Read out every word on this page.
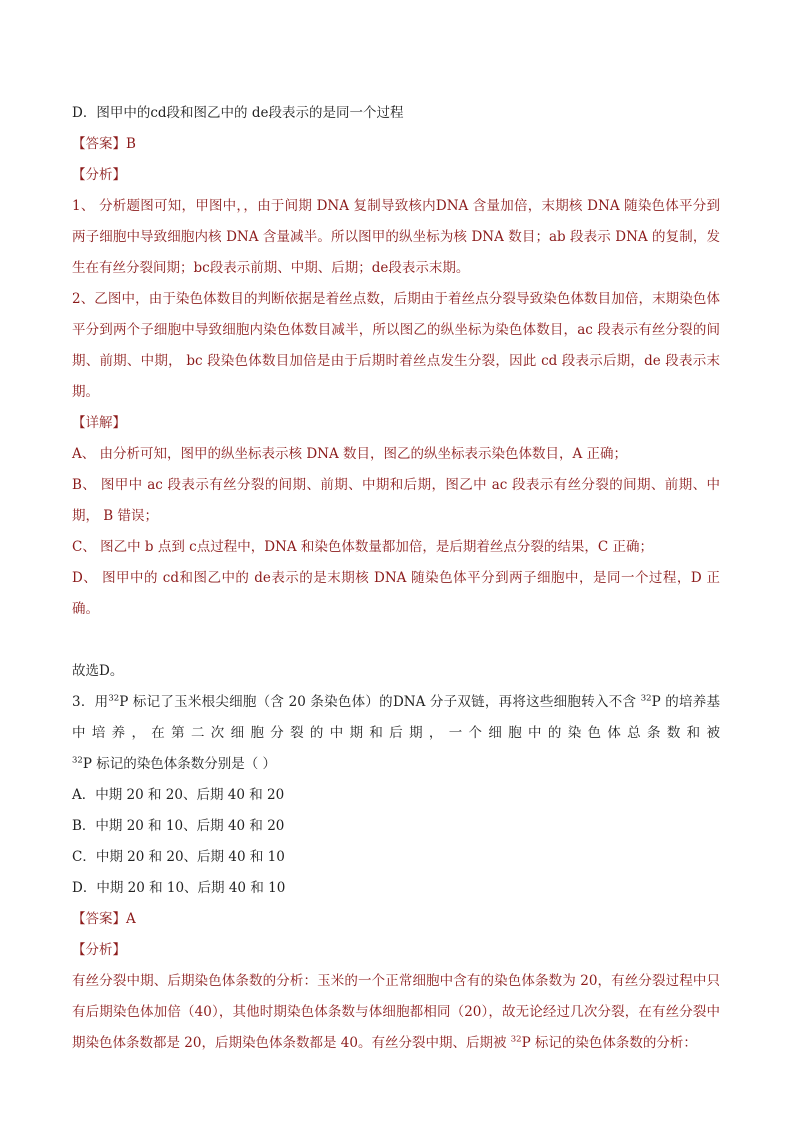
D．图甲中的cd段和图乙中的 de段表示的是同一个过程
【答案】B
【分析】
1、 分析题图可知，甲图中，，由于间期 DNA 复制导致核内DNA 含量加倍，末期核 DNA 随染色体平分到两子细胞中导致细胞内核 DNA 含量减半。所以图甲的纵坐标为核 DNA 数目；ab 段表示 DNA 的复制，发生在有丝分裂间期；bc段表示前期、中期、后期；de段表示末期。
2、乙图中，由于染色体数目的判断依据是着丝点数，后期由于着丝点分裂导致染色体数目加倍，末期染色体平分到两个子细胞中导致细胞内染色体数目减半，所以图乙的纵坐标为染色体数目，ac 段表示有丝分裂的间期、前期、中期， bc 段染色体数目加倍是由于后期时着丝点发生分裂，因此 cd 段表示后期，de 段表示末期。
【详解】
A、 由分析可知，图甲的纵坐标表示核 DNA 数目，图乙的纵坐标表示染色体数目，A 正确；
B、 图甲中 ac 段表示有丝分裂的间期、前期、中期和后期，图乙中 ac 段表示有丝分裂的间期、前期、中期， B 错误；
C、 图乙中 b 点到 c点过程中，DNA 和染色体数量都加倍，是后期着丝点分裂的结果，C 正确；
D、 图甲中的 cd和图乙中的 de表示的是末期核 DNA 随染色体平分到两子细胞中，是同一个过程，D 正确。
故选D。
3．用$^{32}$P 标记了玉米根尖细胞（含 20 条染色体）的DNA 分子双链，再将这些细胞转入不含 $^{32}$P 的培养基中培养，在第二次细胞分裂的中期和后期，一个细胞中的染色体总条数和被 $^{32}$P 标记的染色体条数分别是（ ）
A．中期 20 和 20、后期 40 和 20
B．中期 20 和 10、后期 40 和 20
C．中期 20 和 20、后期 40 和 10
D．中期 20 和 10、后期 40 和 10
【答案】A
【分析】
有丝分裂中期、后期染色体条数的分析：玉米的一个正常细胞中含有的染色体条数为 20，有丝分裂过程中只有后期染色体加倍（40），其他时期染色体条数与体细胞都相同（20），故无论经过几次分裂，在有丝分裂中期染色体条数都是 20，后期染色体条数都是 40。有丝分裂中期、后期被 $^{32}$P 标记的染色体条数的分析：
